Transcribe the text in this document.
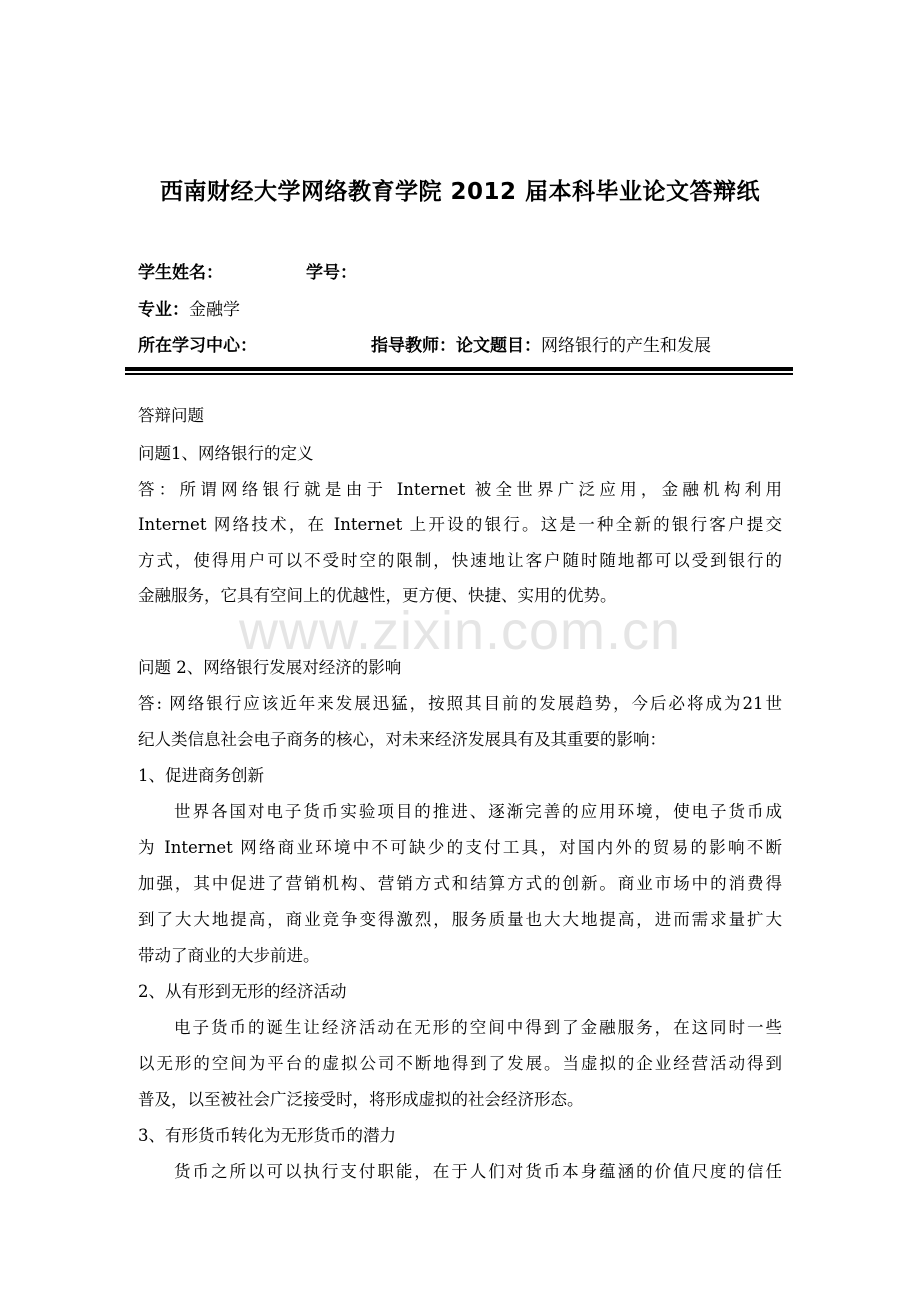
www.zixin.com.cn
西南财经大学网络教育学院 2012 届本科毕业论文答辩纸
学生姓名：	学号：
专业：金融学
所在学习中心：	指导教师：论文题目：网络银行的产生和发展
答辩问题
问题1、网络银行的定义
答：所谓网络银行就是由于 Internet 被全世界广泛应用，金融机构利用
Internet 网络技术，在 Internet 上开设的银行。这是一种全新的银行客户提交
方式，使得用户可以不受时空的限制，快速地让客户随时随地都可以受到银行的
金融服务，它具有空间上的优越性，更方便、快捷、实用的优势。
问题 2、网络银行发展对经济的影响
答: 网络银行应该近年来发展迅猛，按照其目前的发展趋势，今后必将成为21世
纪人类信息社会电子商务的核心，对未来经济发展具有及其重要的影响：
1、促进商务创新
世界各国对电子货币实验项目的推进、逐渐完善的应用环境，使电子货币成
为 Internet 网络商业环境中不可缺少的支付工具，对国内外的贸易的影响不断
加强，其中促进了营销机构、营销方式和结算方式的创新。商业市场中的消费得
到了大大地提高，商业竞争变得激烈，服务质量也大大地提高，进而需求量扩大
带动了商业的大步前进。
2、从有形到无形的经济活动
电子货币的诞生让经济活动在无形的空间中得到了金融服务，在这同时一些
以无形的空间为平台的虚拟公司不断地得到了发展。当虚拟的企业经营活动得到
普及，以至被社会广泛接受时，将形成虚拟的社会经济形态。
3、有形货币转化为无形货币的潜力
货币之所以可以执行支付职能，在于人们对货币本身蕴涵的价值尺度的信任
